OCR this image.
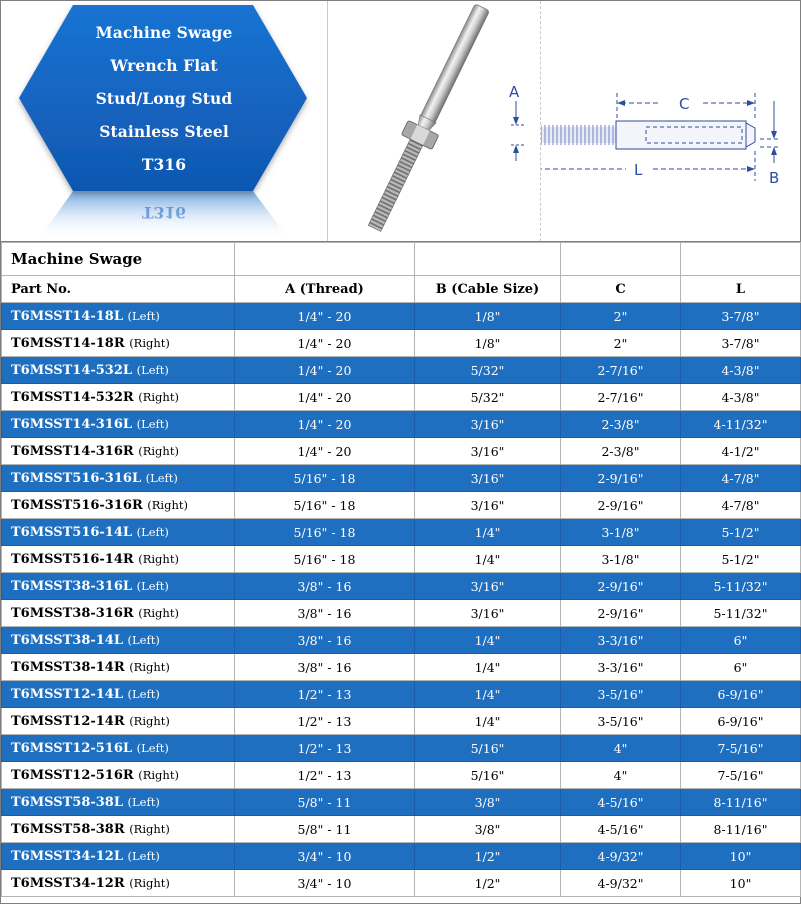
Machine Swage
Wrench Flat
Stud/Long Stud
Stainless Steel
T316
T316
C
L	B
A
Machine Swage				
Part No.	A (Thread)	B (Cable Size)	C	L
T6MSST14-18L (Left)	1/4" - 20	1/8"	2"	3-7/8"
T6MSST14-18R (Right)	1/4" - 20	1/8"	2"	3-7/8"
T6MSST14-532L (Left)	1/4" - 20	5/32"	2-7/16"	4-3/8"
T6MSST14-532R (Right)	1/4" - 20	5/32"	2-7/16"	4-3/8"
T6MSST14-316L (Left)	1/4" - 20	3/16"	2-3/8"	4-11/32"
T6MSST14-316R (Right)	1/4" - 20	3/16"	2-3/8"	4-1/2"
T6MSST516-316L (Left)	5/16" - 18	3/16"	2-9/16"	4-7/8"
T6MSST516-316R (Right)	5/16" - 18	3/16"	2-9/16"	4-7/8"
T6MSST516-14L (Left)	5/16" - 18	1/4"	3-1/8"	5-1/2"
T6MSST516-14R (Right)	5/16" - 18	1/4"	3-1/8"	5-1/2"
T6MSST38-316L (Left)	3/8" - 16	3/16"	2-9/16"	5-11/32"
T6MSST38-316R (Right)	3/8" - 16	3/16"	2-9/16"	5-11/32"
T6MSST38-14L (Left)	3/8" - 16	1/4"	3-3/16"	6"
T6MSST38-14R (Right)	3/8" - 16	1/4"	3-3/16"	6"
T6MSST12-14L (Left)	1/2" - 13	1/4"	3-5/16"	6-9/16"
T6MSST12-14R (Right)	1/2" - 13	1/4"	3-5/16"	6-9/16"
T6MSST12-516L (Left)	1/2" - 13	5/16"	4"	7-5/16"
T6MSST12-516R (Right)	1/2" - 13	5/16"	4"	7-5/16"
T6MSST58-38L (Left)	5/8" - 11	3/8"	4-5/16"	8-11/16"
T6MSST58-38R (Right)	5/8" - 11	3/8"	4-5/16"	8-11/16"
T6MSST34-12L (Left)	3/4" - 10	1/2"	4-9/32"	10"
T6MSST34-12R (Right)	3/4" - 10	1/2"	4-9/32"	10"
